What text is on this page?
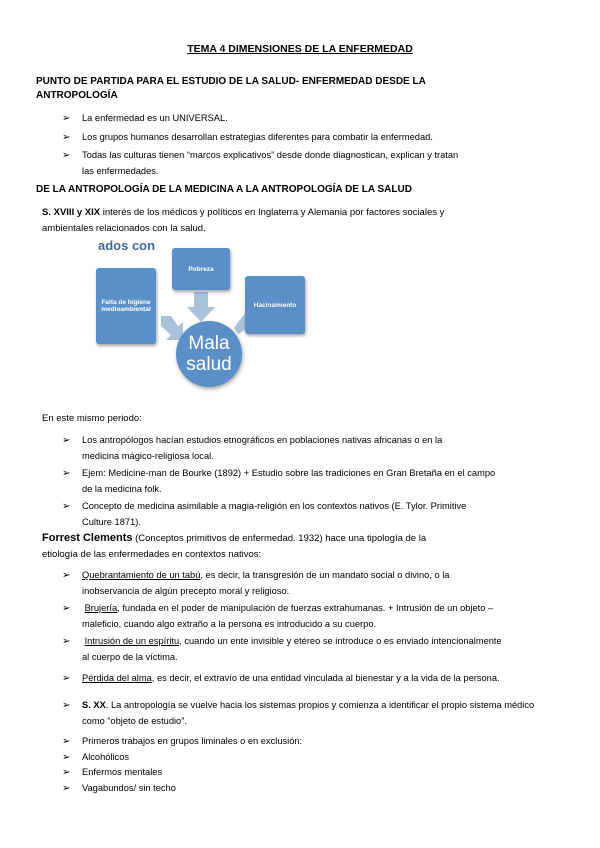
TEMA 4 DIMENSIONES DE LA ENFERMEDAD
PUNTO DE PARTIDA PARA EL ESTUDIO DE LA SALUD- ENFERMEDAD DESDE LA
ANTROPOLOGÍA
➢ La enfermedad es un UNIVERSAL.
➢ Los grupos humanos desarrollan estrategias diferentes para combatir la enfermedad.
➢ Todas las culturas tienen “marcos explicativos” desde donde diagnostican, explican y tratan las enfermedades.
DE LA ANTROPOLOGÍA DE LA MEDICINA A LA ANTROPOLOGÍA DE LA SALUD
S. XVIII y XIX interés de los médicos y políticos en Inglaterra y Alemania por factores sociales y ambientales relacionados con la salud.
ados con
Falta de higiene medioambiental
Pobreza
Hacinamiento
Mala salud
En este mismo periodo:
➢ Los antropólogos hacían estudios etnográficos en poblaciones nativas africanas o en la medicina mágico-religiosa local.
➢ Ejem: Medicine-man de Bourke (1892) + Estudio sobre las tradiciones en Gran Bretaña en el campo de la medicina folk.
➢ Concepto de medicina asimilable a magia-religión en los contextos nativos (E. Tylor. Primitive Culture 1871).
Forrest Clements (Conceptos primitivos de enfermedad. 1932) hace una tipología de la etiología de las enfermedades en contextos nativos:
➢ Quebrantamiento de un tabú, es decir, la transgresión de un mandato social o divino, o la inobservancia de algún precepto moral y religioso.
➢ Brujería, fundada en el poder de manipulación de fuerzas extrahumanas. + Intrusión de un objeto – maleficio, cuando algo extraño a la persona es introducido a su cuerpo.
➢ Intrusión de un espíritu, cuando un ente invisible y etéreo se introduce o es enviado intencionalmente al cuerpo de la víctima.
➢ Pérdida del alma, es decir, el extravío de una entidad vinculada al bienestar y a la vida de la persona.
➢ S. XX. La antropología se vuelve hacia los sistemas propios y comienza a identificar el propio sistema médico como “objeto de estudio”.
➢ Primeros trabajos en grupos liminales o en exclusión:
➢ Alcohólicos
➢ Enfermos mentales
➢ Vagabundos/ sin techo
